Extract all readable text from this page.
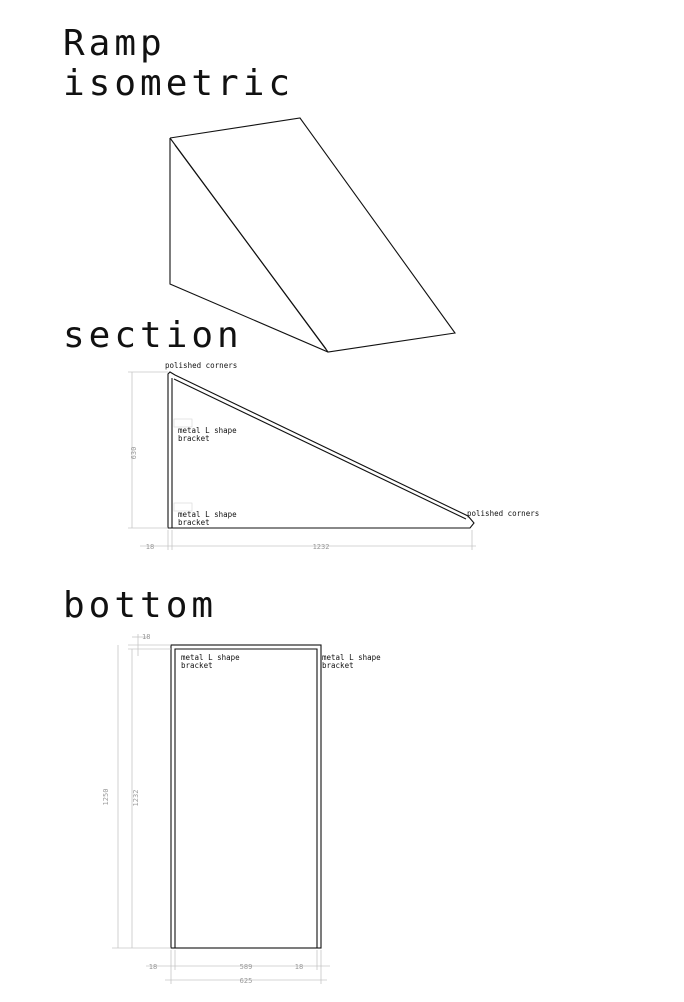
Ramp
isometric
section
bottom
polished corners
polished corners
metal L shape
bracket
metal L shape
bracket
630
18	1232
metal L shape
bracket
metal L shape
bracket
18
1250	1232
18	589	18
625
